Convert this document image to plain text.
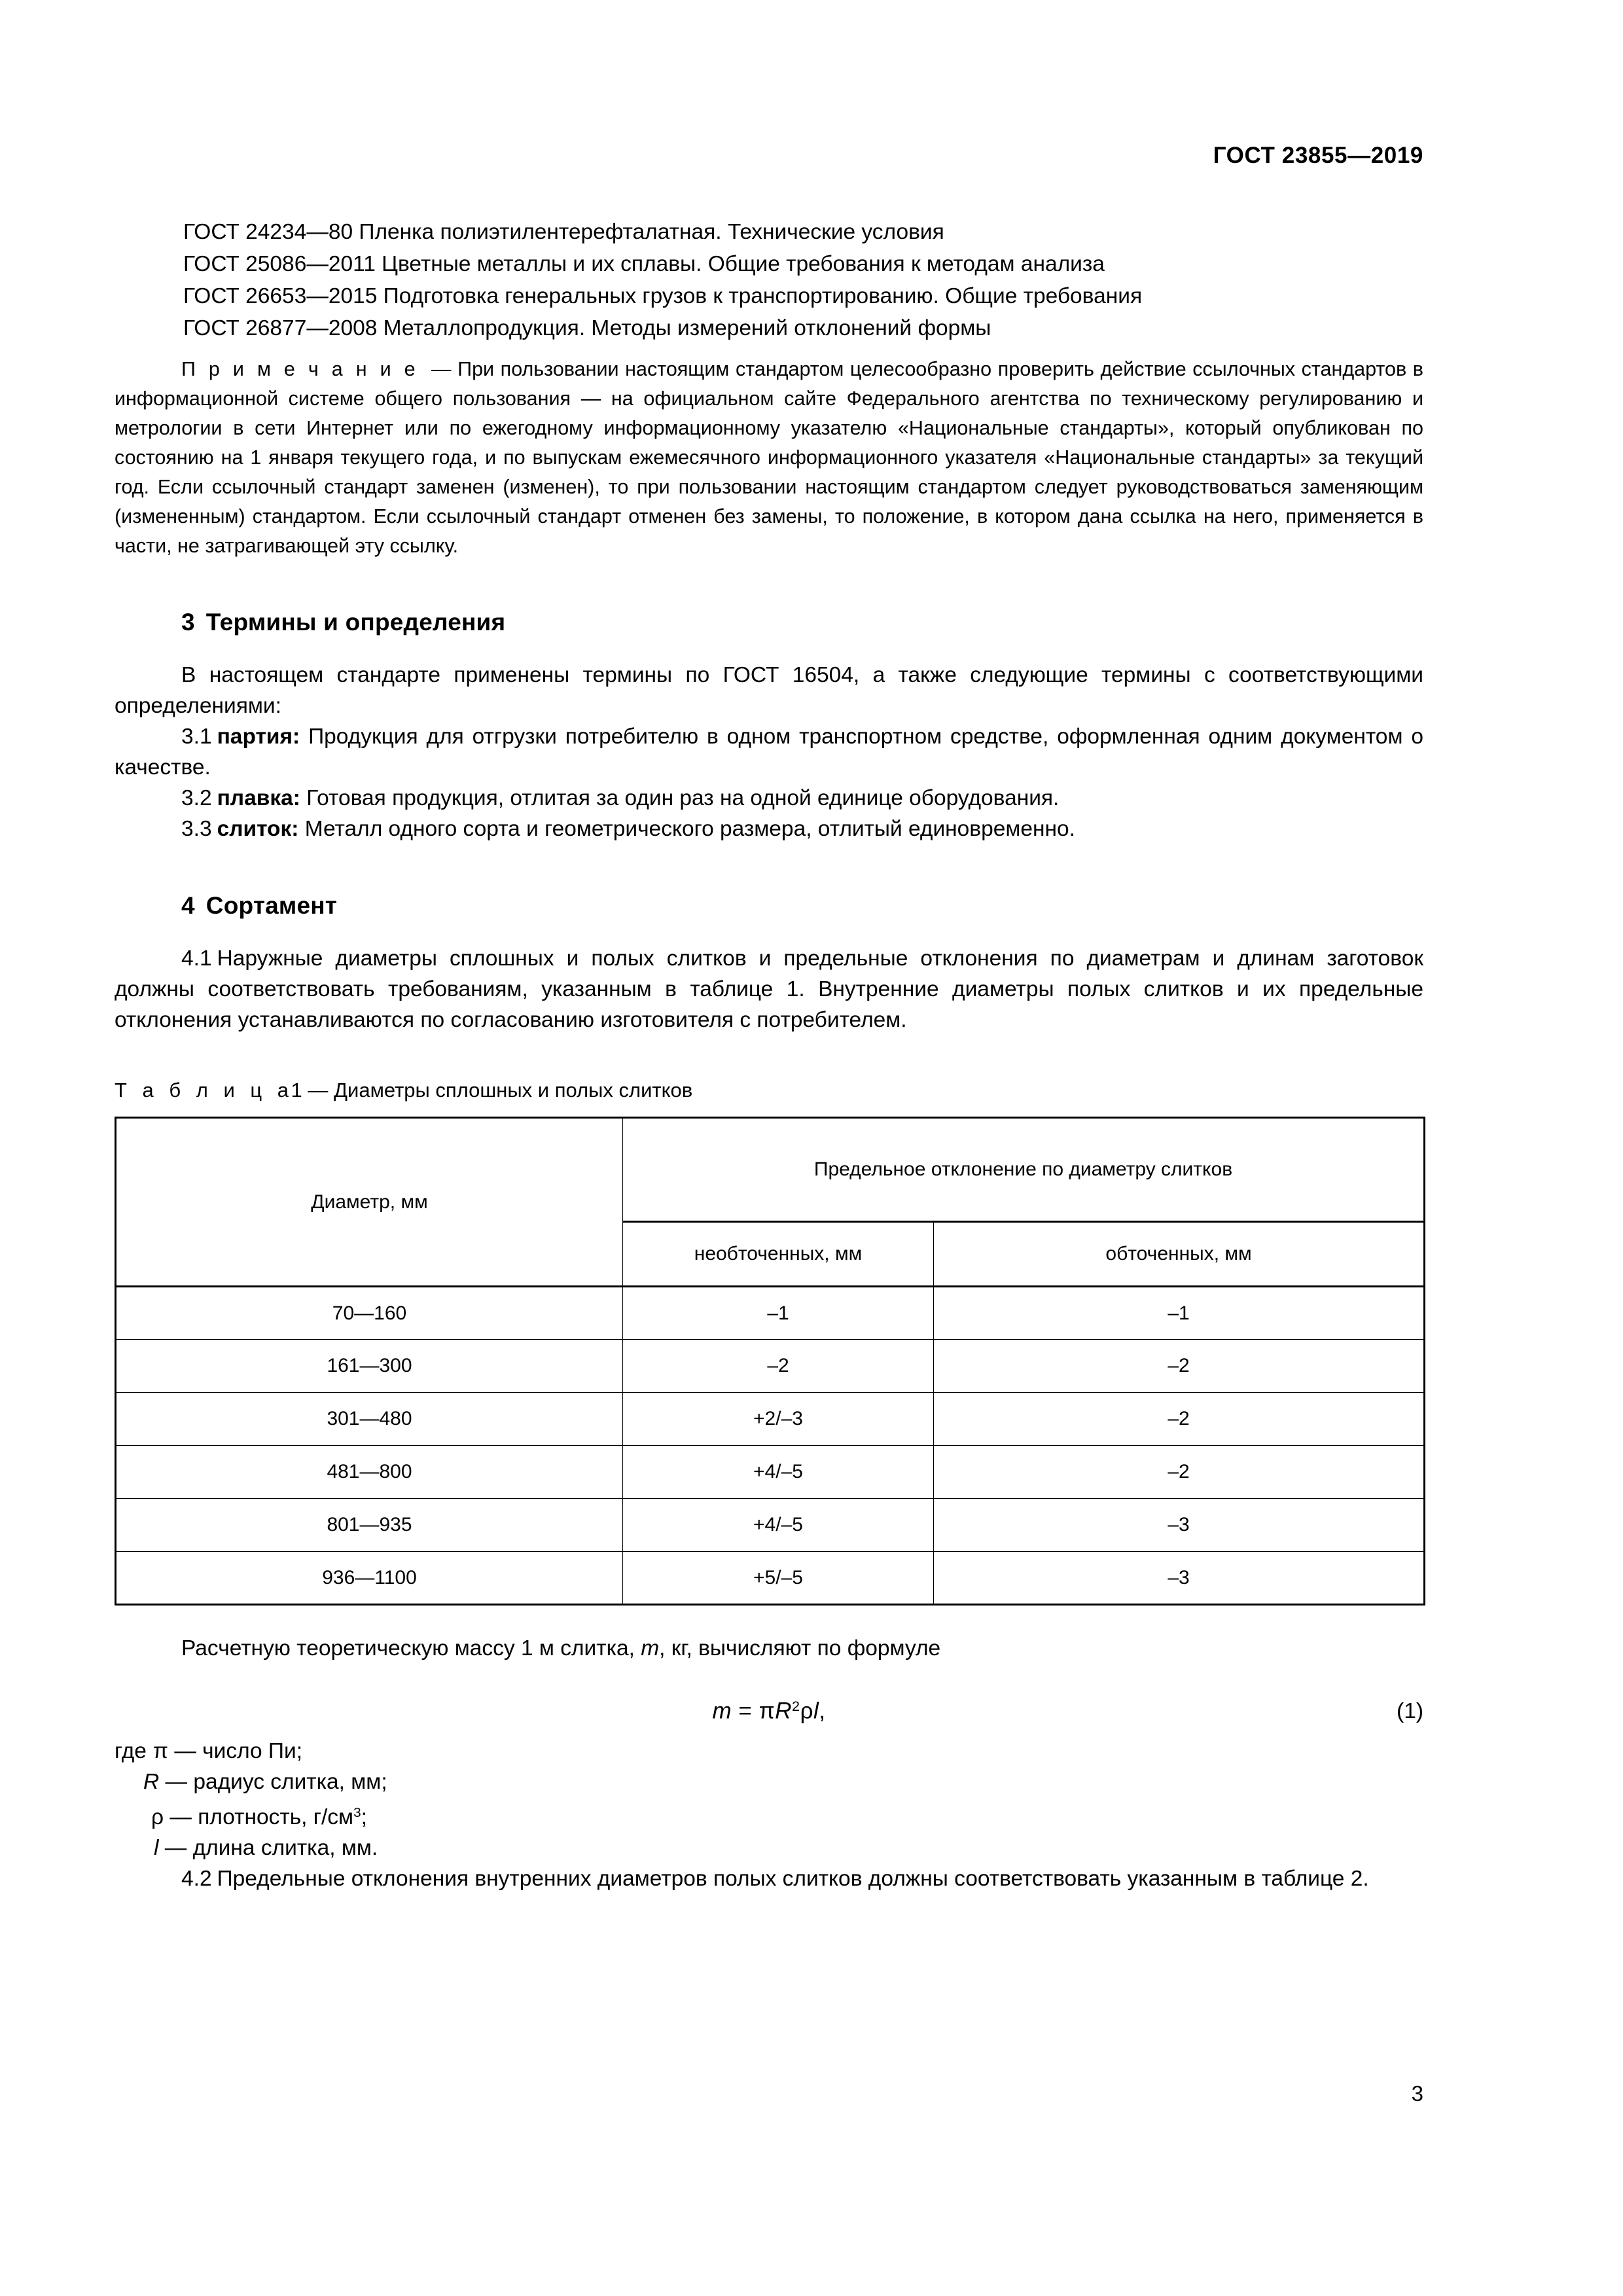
ГОСТ 23855—2019
ГОСТ 24234—80 Пленка полиэтилентерефталатная. Технические условия
ГОСТ 25086—2011 Цветные металлы и их сплавы. Общие требования к методам анализа
ГОСТ 26653—2015 Подготовка генеральных грузов к транспортированию. Общие требования
ГОСТ 26877—2008 Металлопродукция. Методы измерений отклонений формы

П р и м е ч а н и е — При пользовании настоящим стандартом целесообразно проверить действие ссылочных стандартов в информационной системе общего пользования — на официальном сайте Федерального агентства по техническому регулированию и метрологии в сети Интернет или по ежегодному информационному указателю «Национальные стандарты», который опубликован по состоянию на 1 января текущего года, и по выпускам ежемесячного информационного указателя «Национальные стандарты» за текущий год. Если ссылочный стандарт заменен (изменен), то при пользовании настоящим стандартом следует руководствоваться заменяющим (измененным) стандартом. Если ссылочный стандарт отменен без замены, то положение, в котором дана ссылка на него, применяется в части, не затрагивающей эту ссылку.

3 Термины и определения

В настоящем стандарте применены термины по ГОСТ 16504, а также следующие термины с соответствующими определениями:

3.1 партия: Продукция для отгрузки потребителю в одном транспортном средстве, оформленная одним документом о качестве.

3.2 плавка: Готовая продукция, отлитая за один раз на одной единице оборудования.

3.3 слиток: Металл одного сорта и геометрического размера, отлитый единовременно.

4 Сортамент

4.1 Наружные диаметры сплошных и полых слитков и предельные отклонения по диаметрам и длинам заготовок должны соответствовать требованиям, указанным в таблице 1. Внутренние диаметры полых слитков и их предельные отклонения устанавливаются по согласованию изготовителя с потребителем.

Т а б л и ц а1 — Диаметры сплошных и полых слитков
Диаметр, мм	Предельное отклонение по диаметру слитков	
	необточенных, мм	обточенных, мм
70—160	–1	–1
161—300	–2	–2
301—480	+2/–3	–2
481—800	+4/–5	–2
801—935	+4/–5	–3
936—1100	+5/–5	–3

Расчетную теоретическую массу 1 м слитка, m, кг, вычисляют по формуле

$m = \pi R^2\rho l$,	(1)
где π — число Пи;
R — радиус слитка, мм;
ρ — плотность, $г/см^3$;
l — длина слитка, мм.

4.2 Предельные отклонения внутренних диаметров полых слитков должны соответствовать указанным в таблице 2.

3
